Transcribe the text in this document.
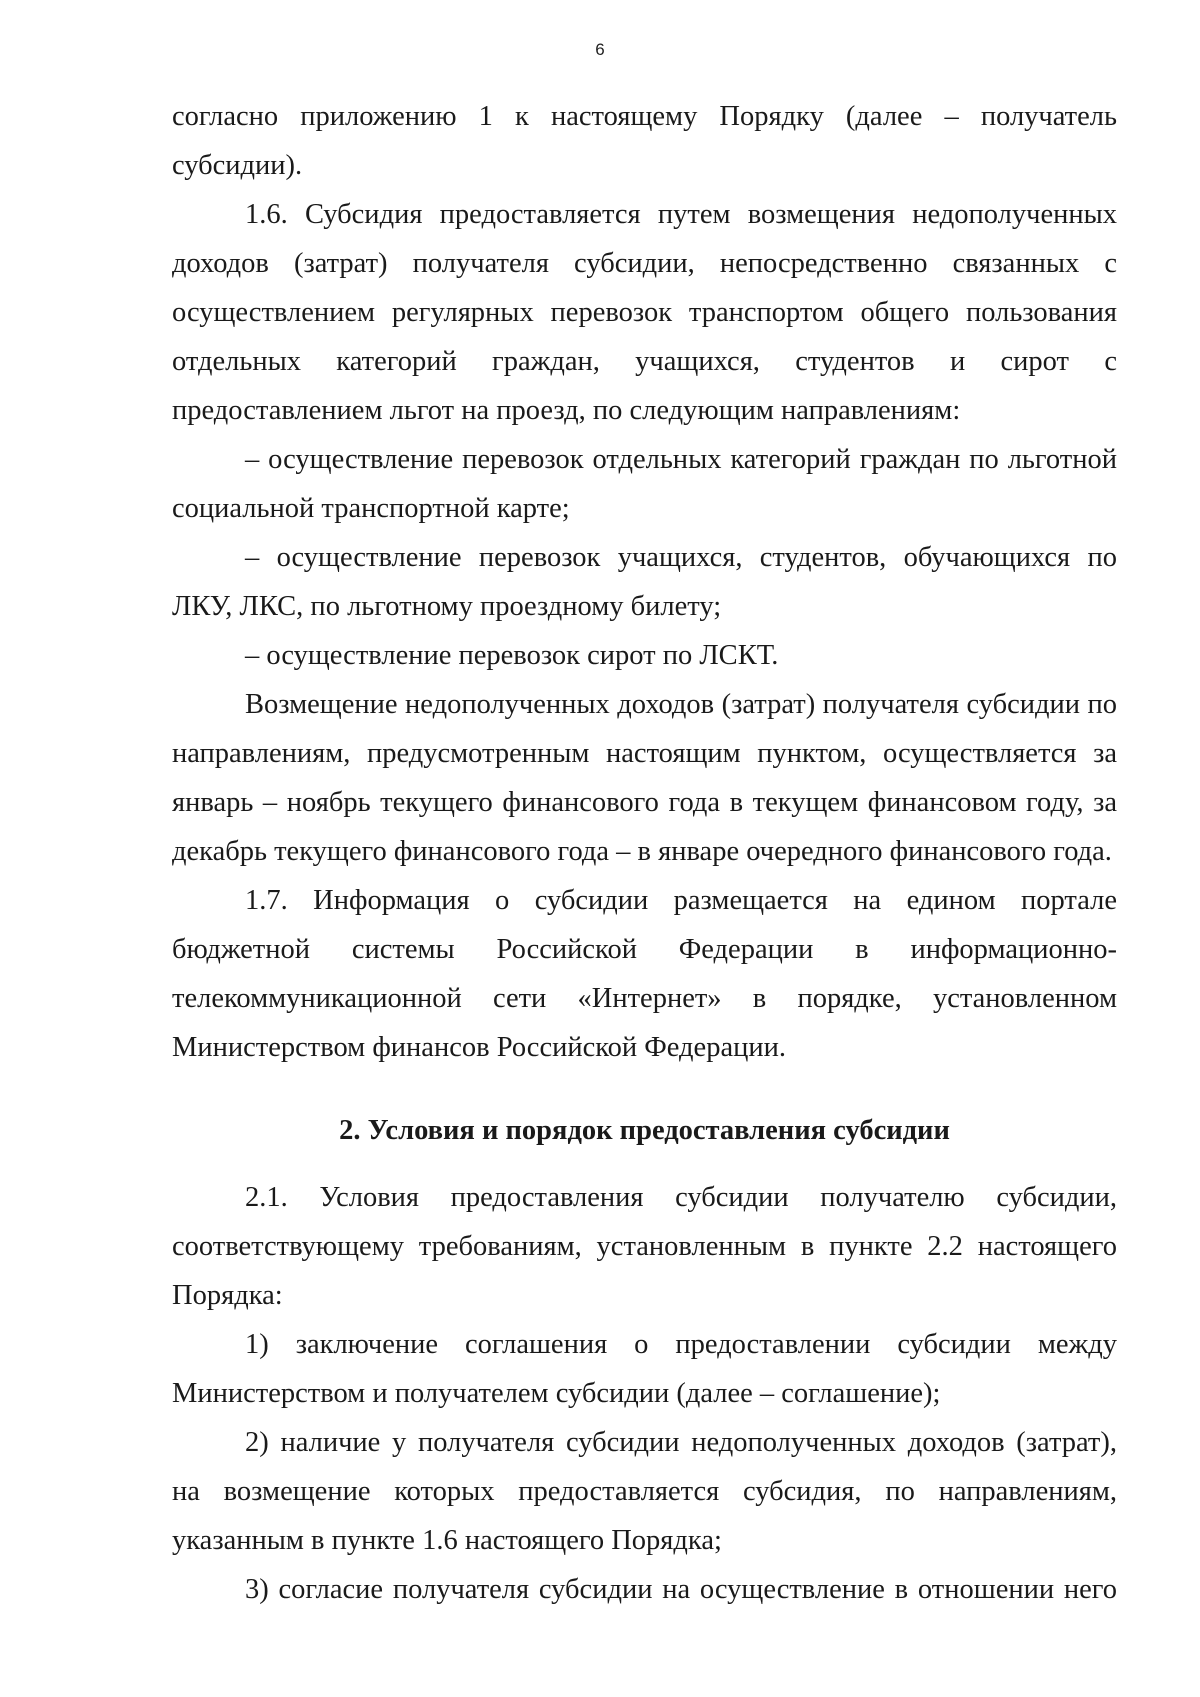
6

согласно приложению 1 к настоящему Порядку (далее – получатель субсидии).

1.6. Субсидия предоставляется путем возмещения недополученных доходов (затрат) получателя субсидии, непосредственно связанных с осуществлением регулярных перевозок транспортом общего пользования отдельных категорий граждан, учащихся, студентов и сирот с предоставлением льгот на проезд, по следующим направлениям:

– осуществление перевозок отдельных категорий граждан по льготной социальной транспортной карте;

– осуществление перевозок учащихся, студентов, обучающихся по ЛКУ, ЛКС, по льготному проездному билету;

– осуществление перевозок сирот по ЛСКТ.

Возмещение недополученных доходов (затрат) получателя субсидии по направлениям, предусмотренным настоящим пунктом, осуществляется за январь – ноябрь текущего финансового года в текущем финансовом году, за декабрь текущего финансового года – в январе очередного финансового года.

1.7. Информация о субсидии размещается на едином портале бюджетной системы Российской Федерации в информационно-телекоммуникационной сети «Интернет» в порядке, установленном Министерством финансов Российской Федерации.

2. Условия и порядок предоставления субсидии

2.1. Условия предоставления субсидии получателю субсидии, соответствующему требованиям, установленным в пункте 2.2 настоящего Порядка:

1) заключение соглашения о предоставлении субсидии между Министерством и получателем субсидии (далее – соглашение);

2) наличие у получателя субсидии недополученных доходов (затрат), на возмещение которых предоставляется субсидия, по направлениям, указанным в пункте 1.6 настоящего Порядка;

3) согласие получателя субсидии на осуществление в отношении него
